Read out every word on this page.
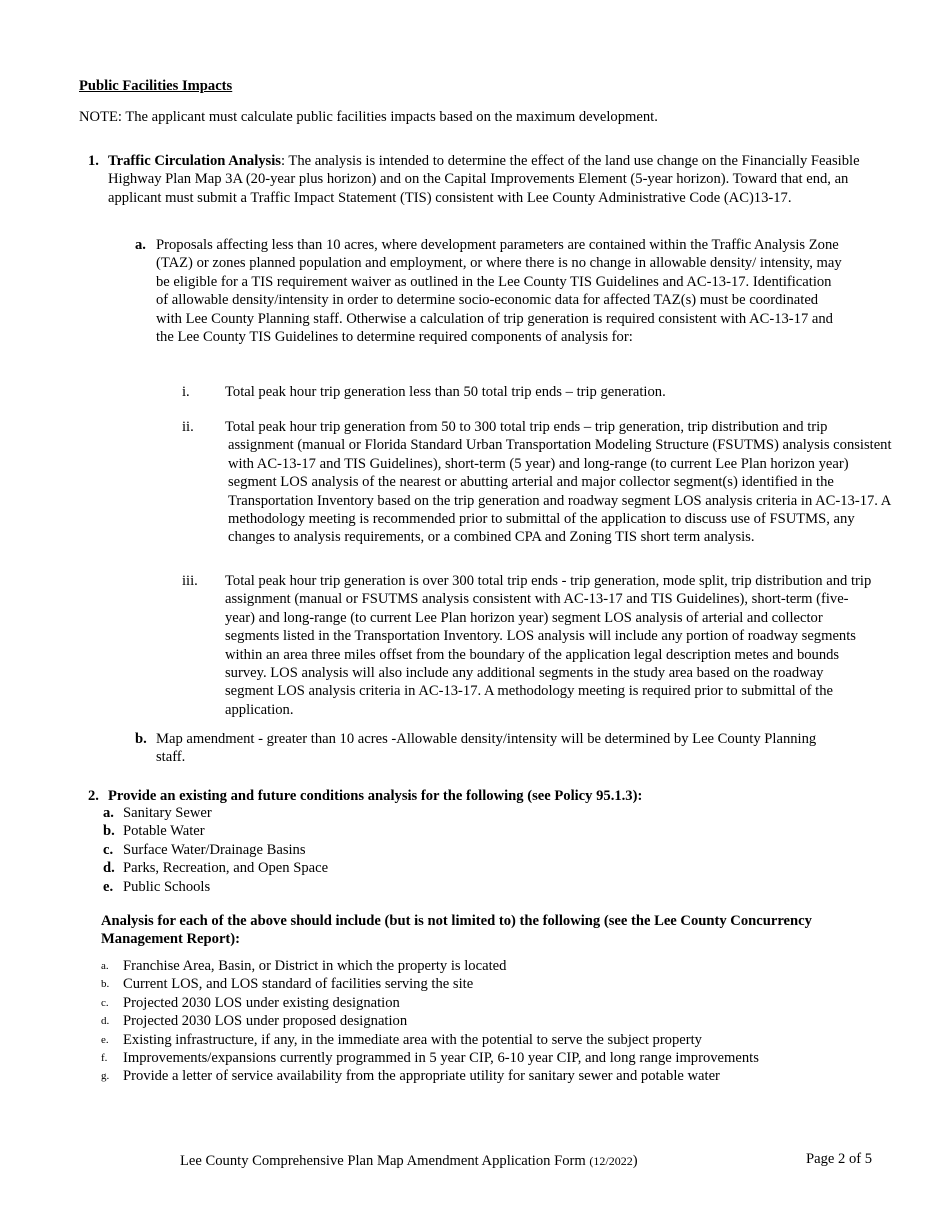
Public Facilities Impacts

NOTE: The applicant must calculate public facilities impacts based on the maximum development.

1. Traffic Circulation Analysis: The analysis is intended to determine the effect of the land use change on the Financially Feasible Highway Plan Map 3A (20-year plus horizon) and on the Capital Improvements Element (5-year horizon). Toward that end, an applicant must submit a Traffic Impact Statement (TIS) consistent with Lee County Administrative Code (AC)13-17.

a. Proposals affecting less than 10 acres, where development parameters are contained within the Traffic Analysis Zone (TAZ) or zones planned population and employment, or where there is no change in allowable density/ intensity, may be eligible for a TIS requirement waiver as outlined in the Lee County TIS Guidelines and AC-13-17. Identification of allowable density/intensity in order to determine socio-economic data for affected TAZ(s) must be coordinated with Lee County Planning staff. Otherwise a calculation of trip generation is required consistent with AC-13-17 and the Lee County TIS Guidelines to determine required components of analysis for:

i. Total peak hour trip generation less than 50 total trip ends – trip generation.

ii. Total peak hour trip generation from 50 to 300 total trip ends – trip generation, trip distribution and trip
assignment (manual or Florida Standard Urban Transportation Modeling Structure (FSUTMS) analysis consistent with AC-13-17 and TIS Guidelines), short-term (5 year) and long-range (to current Lee Plan horizon year) segment LOS analysis of the nearest or abutting arterial and major collector segment(s) identified in the Transportation Inventory based on the trip generation and roadway segment LOS analysis criteria in AC-13-17. A methodology meeting is recommended prior to submittal of the application to discuss use of FSUTMS, any changes to analysis requirements, or a combined CPA and Zoning TIS short term analysis.

iii. Total peak hour trip generation is over 300 total trip ends - trip generation, mode split, trip distribution and trip assignment (manual or FSUTMS analysis consistent with AC-13-17 and TIS Guidelines), short-term (five-year) and long-range (to current Lee Plan horizon year) segment LOS analysis of arterial and collector segments listed in the Transportation Inventory. LOS analysis will include any portion of roadway segments within an area three miles offset from the boundary of the application legal description metes and bounds survey. LOS analysis will also include any additional segments in the study area based on the roadway segment LOS analysis criteria in AC-13-17. A methodology meeting is required prior to submittal of the application.

b. Map amendment - greater than 10 acres -Allowable density/intensity will be determined by Lee County Planning staff.

2. Provide an existing and future conditions analysis for the following (see Policy 95.1.3):

a. Sanitary Sewer
b. Potable Water
c. Surface Water/Drainage Basins
d. Parks, Recreation, and Open Space
e. Public Schools

Analysis for each of the above should include (but is not limited to) the following (see the Lee County Concurrency Management Report):

a. Franchise Area, Basin, or District in which the property is located
b. Current LOS, and LOS standard of facilities serving the site
c. Projected 2030 LOS under existing designation
d. Projected 2030 LOS under proposed designation
e. Existing infrastructure, if any, in the immediate area with the potential to serve the subject property
f. Improvements/expansions currently programmed in 5 year CIP, 6-10 year CIP, and long range improvements
g. Provide a letter of service availability from the appropriate utility for sanitary sewer and potable water

Lee County Comprehensive Plan Map Amendment Application Form (12/2022)	Page 2 of 5
